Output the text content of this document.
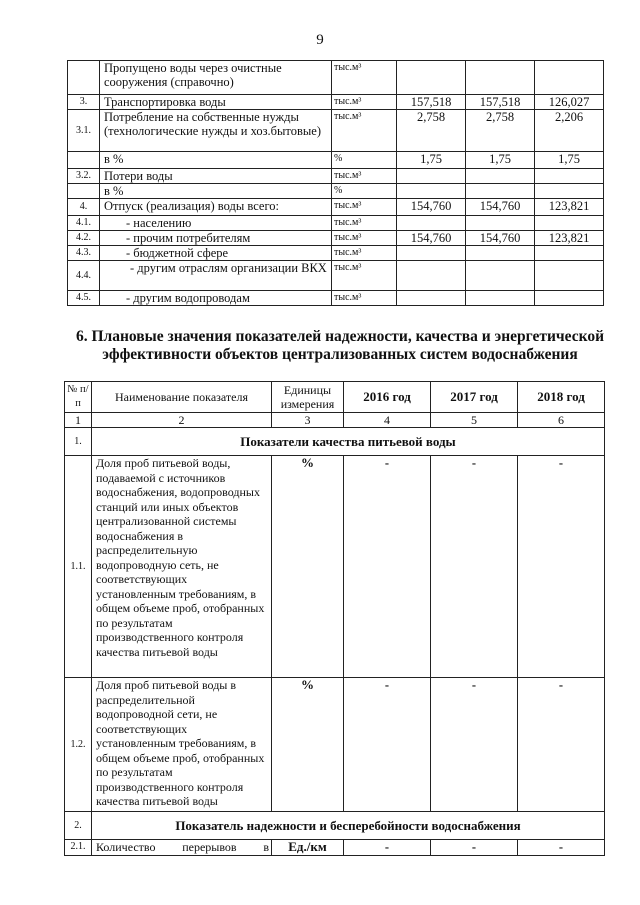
9
	Пропущено воды через очистные сооружения (справочно)	тыс.м³			
3.	Транспортировка воды	тыс.м³	157,518	157,518	126,027
3.1.	Потребление на собственные нужды (технологические нужды и хоз.бытовые)	тыс.м³	2,758	2,758	2,206
	в %	%	1,75	1,75	1,75
3.2.	Потери воды	тыс.м³			
	в %	%			
4.	Отпуск (реализация) воды всего:	тыс.м³	154,760	154,760	123,821
4.1.	- населению	тыс.м³			
4.2.	- прочим потребителям	тыс.м³	154,760	154,760	123,821
4.3.	- бюджетной сфере	тыс.м³			
4.4.	- другим отраслям организации ВКХ	тыс.м³			
4.5.	- другим водопроводам	тыс.м³			
6. Плановые значения показателей надежности, качества и энергетической эффективности объектов централизованных систем водоснабжения
№ п/п	Наименование показателя	Единицы измерения	2016 год	2017 год	2018 год
1	2	3	4	5	6
1.	Показатели качества питьевой воды				
1.1.	Доля проб питьевой воды, подаваемой с источников водоснабжения, водопроводных станций или иных объектов централизованной системы водоснабжения в распределительную водопроводную сеть, не соответствующих установленным требованиям, в общем объеме проб, отобранных по результатам производственного контроля качества питьевой воды	%	-	-	-
1.2.	Доля проб питьевой воды в распределительной водопроводной сети, не соответствующих установленным требованиям, в общем объеме проб, отобранных по результатам производственного контроля качества питьевой воды	%	-	-	-
2.	Показатель надежности и бесперебойности водоснабжения				
2.1.	Количество перерывов в	Ед./км	-	-	-
